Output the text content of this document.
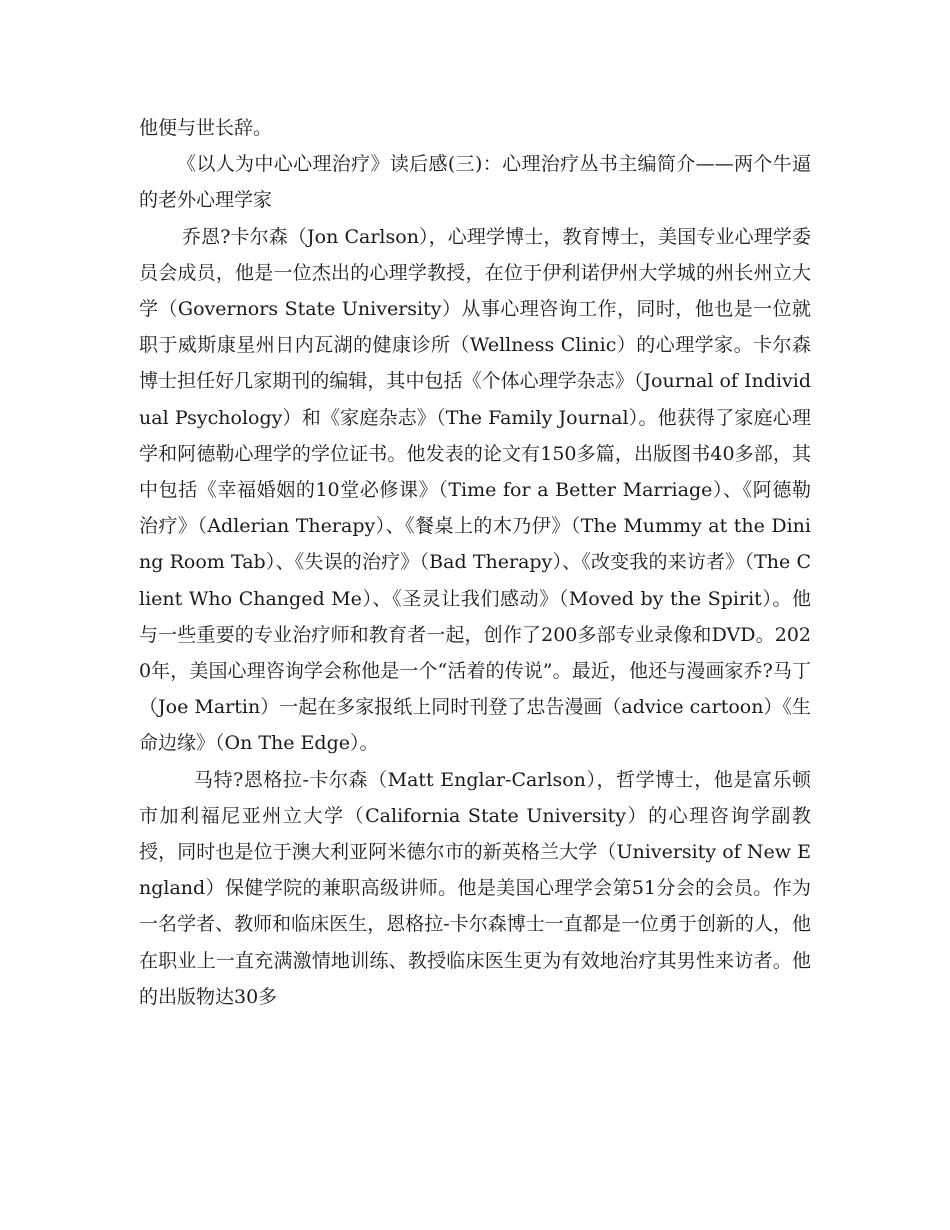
他便与世长辞。

《以人为中心心理治疗》读后感(三)：心理治疗丛书主编简介——两个牛逼的老外心理学家

乔恩?卡尔森（Jon Carlson），心理学博士，教育博士，美国专业心理学委员会成员，他是一位杰出的心理学教授，在位于伊利诺伊州大学城的州长州立大学（Governors State University）从事心理咨询工作，同时，他也是一位就职于威斯康星州日内瓦湖的健康诊所（Wellness Clinic）的心理学家。卡尔森博士担任好几家期刊的编辑，其中包括《个体心理学杂志》（Journal of Individual Psychology）和《家庭杂志》（The Family Journal）。他获得了家庭心理学和阿德勒心理学的学位证书。他发表的论文有150多篇，出版图书40多部，其中包括《幸福婚姻的10堂必修课》（Time for a Better Marriage）、《阿德勒治疗》（Adlerian Therapy）、《餐桌上的木乃伊》（The Mummy at the Dining Room Tab）、《失误的治疗》（Bad Therapy）、《改变我的来访者》（The Client Who Changed Me）、《圣灵让我们感动》（Moved by the Spirit）。他与一些重要的专业治疗师和教育者一起，创作了200多部专业录像和DVD。2020年，美国心理咨询学会称他是一个“活着的传说”。最近，他还与漫画家乔?马丁（Joe Martin）一起在多家报纸上同时刊登了忠告漫画（advice cartoon）《生命边缘》（On The Edge）。

马特?恩格拉-卡尔森（Matt Englar-Carlson），哲学博士，他是富乐顿市加利福尼亚州立大学（California State University）的心理咨询学副教授，同时也是位于澳大利亚阿米德尔市的新英格兰大学（University of New England）保健学院的兼职高级讲师。他是美国心理学会第51分会的会员。作为一名学者、教师和临床医生，恩格拉-卡尔森博士一直都是一位勇于创新的人，他在职业上一直充满激情地训练、教授临床医生更为有效地治疗其男性来访者。他的出版物达30多
